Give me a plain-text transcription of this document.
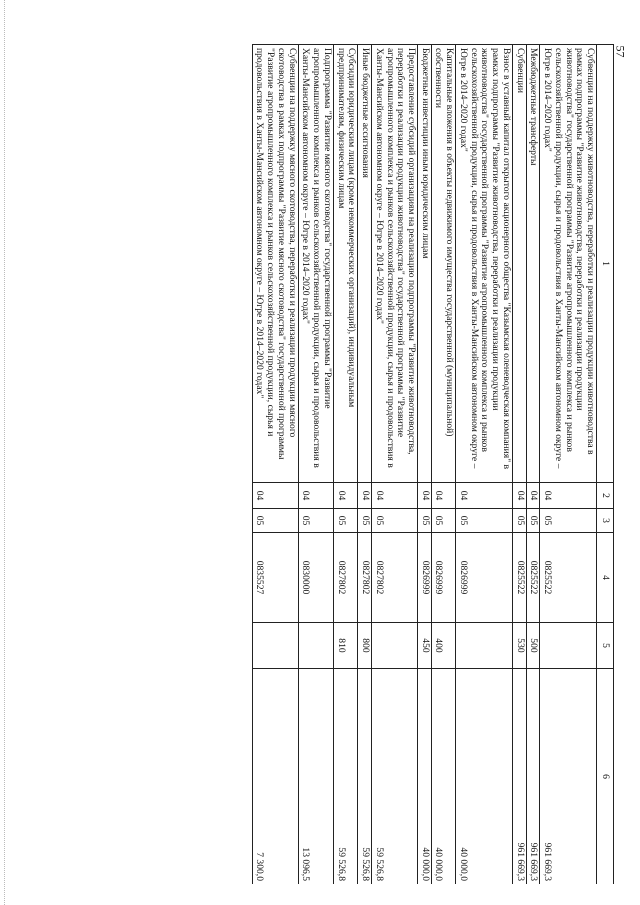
57
1	2	3	4	5	6
Субвенции на поддержку животноводства, переработки и реализации продукции животноводства в рамках подпрограммы "Развитие животноводства, переработки и реализации продукции животноводства" государственной программы "Развитие агропромышленного комплекса и рынков сельскохозяйственной продукции, сырья и продовольствия в Ханты-Мансийском автономном округе – Югре в 2014–2020 годах"	04	05	0825522		961 669,3
Межбюджетные трансферты	04	05	0825522	500	961 669,3
Субвенции	04	05	0825522	530	961 669,3
Взнос в уставный капитал открытого акционерного общества "Казымская оленеводческая компания" в рамках подпрограммы "Развитие животноводства, переработки и реализации продукции животноводства" государственной программы "Развитие агропромышленного комплекса и рынков сельскохозяйственной продукции, сырья и продовольствия в Ханты-Мансийском автономном округе – Югре в 2014–2020 годах"	04	05	0826999		40 000,0
Капитальные вложения в объекты недвижимого имущества государственной (муниципальной) собственности	04	05	0826999	400	40 000,0
Бюджетные инвестиции иным юридическим лицам	04	05	0826999	450	40 000,0
Предоставление субсидий организациям на реализацию подпрограммы "Развитие животноводства, переработки и реализации продукции животноводства" государственной программы "Развитие агропромышленного комплекса и рынков сельскохозяйственной продукции, сырья и продовольствия в Ханты-Мансийском автономном округе – Югре в 2014–2020 годах"	04	05	0827802		59 526,8
Иные бюджетные ассигнования	04	05	0827802	800	59 526,8
Субсидии юридическим лицам (кроме некоммерческих организаций), индивидуальным предпринимателям, физическим лицам	04	05	0827802	810	59 526,8
Подпрограмма "Развитие мясного скотоводства" государственной программы "Развитие агропромышленного комплекса и рынков сельскохозяйственной продукции, сырья и продовольствия в Ханты-Мансийском автономном округе – Югре в 2014–2020 годах"	04	05	0830000		13 096,5
Субвенции на поддержку мясного скотоводства, переработки и реализации продукции мясного скотоводства в рамках подпрограммы "Развитие мясного скотоводства" государственной программы "Развитие агропромышленного комплекса и рынков сельскохозяйственной продукции, сырья и продовольствия в Ханты-Мансийском автономном округе – Югре в 2014–2020 годах"	04	05	0835527		7 300,0
